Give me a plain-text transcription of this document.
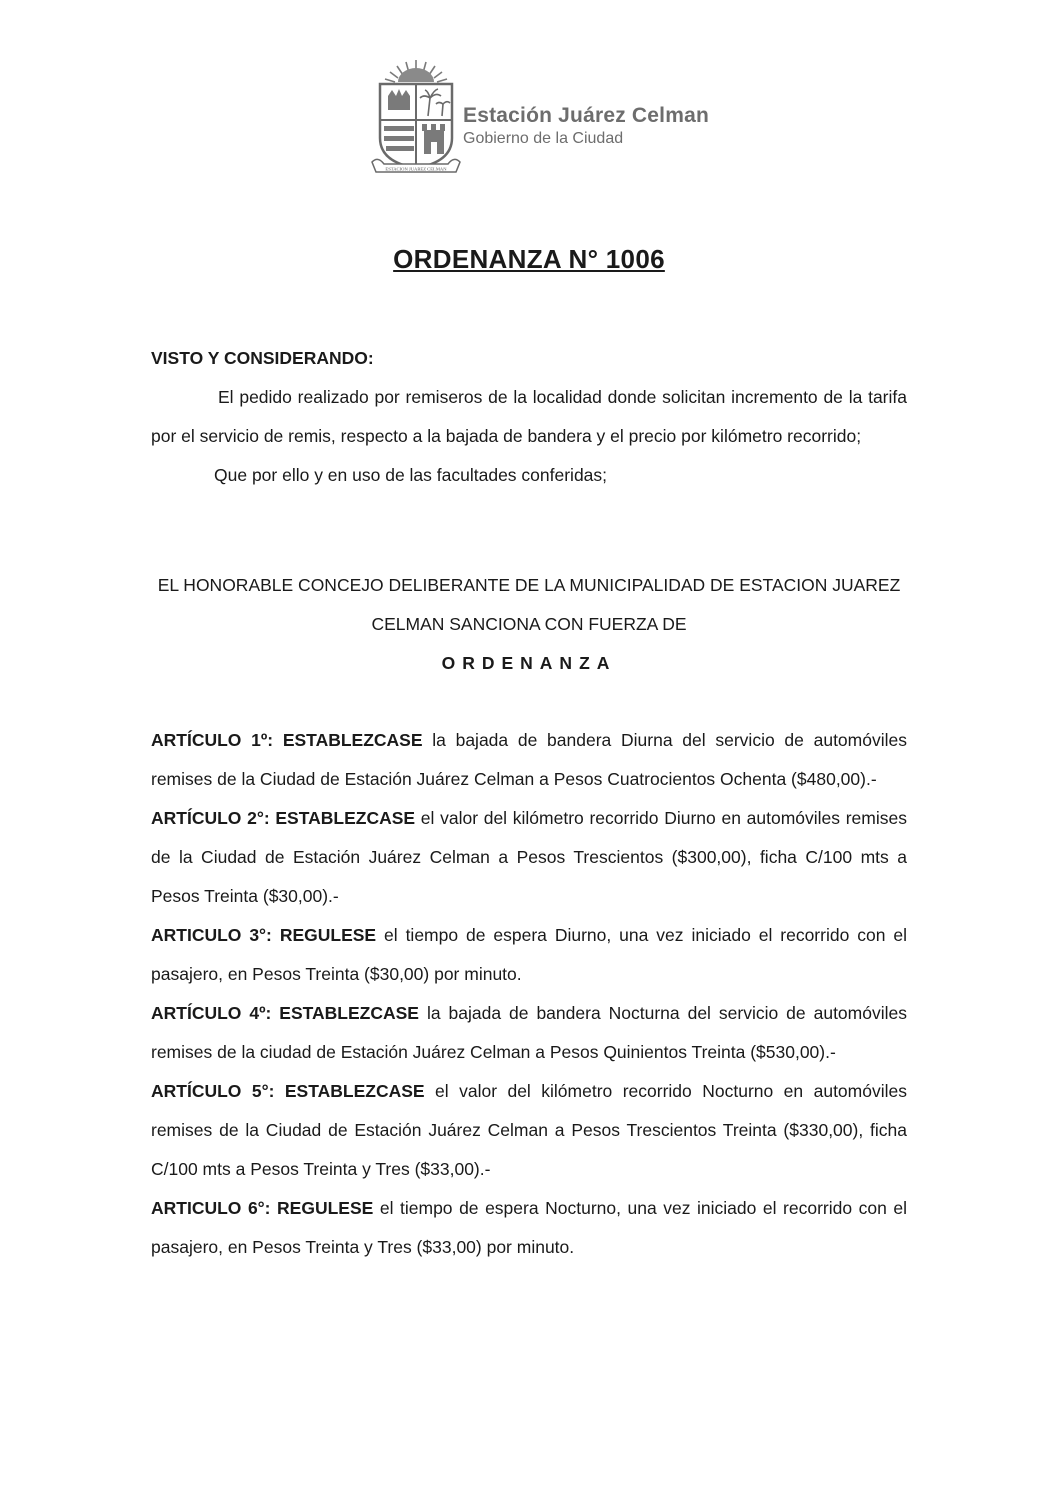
ESTACION JUAREZ CELMAN
Estación Juárez Celman
Gobierno de la Ciudad
ORDENANZA N° 1006

VISTO Y CONSIDERANDO:

El pedido realizado por remiseros de la localidad donde solicitan incremento de la tarifa por el servicio de remis, respecto a la bajada de bandera y el precio por kilómetro recorrido;

Que por ello y en uso de las facultades conferidas;

EL HONORABLE CONCEJO DELIBERANTE DE LA MUNICIPALIDAD DE ESTACION JUAREZ
CELMAN SANCIONA CON FUERZA DE
ORDENANZA

ARTÍCULO 1º: ESTABLEZCASE la bajada de bandera Diurna del servicio de automóviles remises de la Ciudad de Estación Juárez Celman a Pesos Cuatrocientos Ochenta ($480,00).-

ARTÍCULO 2°: ESTABLEZCASE el valor del kilómetro recorrido Diurno en automóviles remises de la Ciudad de Estación Juárez Celman a Pesos Trescientos ($300,00), ficha C/100 mts a Pesos Treinta ($30,00).-

ARTICULO 3°: REGULESE el tiempo de espera Diurno, una vez iniciado el recorrido con el pasajero, en Pesos Treinta ($30,00) por minuto.

ARTÍCULO 4º: ESTABLEZCASE la bajada de bandera Nocturna del servicio de automóviles remises de la ciudad de Estación Juárez Celman a Pesos Quinientos Treinta ($530,00).-

ARTÍCULO 5°: ESTABLEZCASE el valor del kilómetro recorrido Nocturno en automóviles remises de la Ciudad de Estación Juárez Celman a Pesos Trescientos Treinta ($330,00), ficha C/100 mts a Pesos Treinta y Tres ($33,00).-

ARTICULO 6°: REGULESE el tiempo de espera Nocturno, una vez iniciado el recorrido con el pasajero, en Pesos Treinta y Tres ($33,00) por minuto.
